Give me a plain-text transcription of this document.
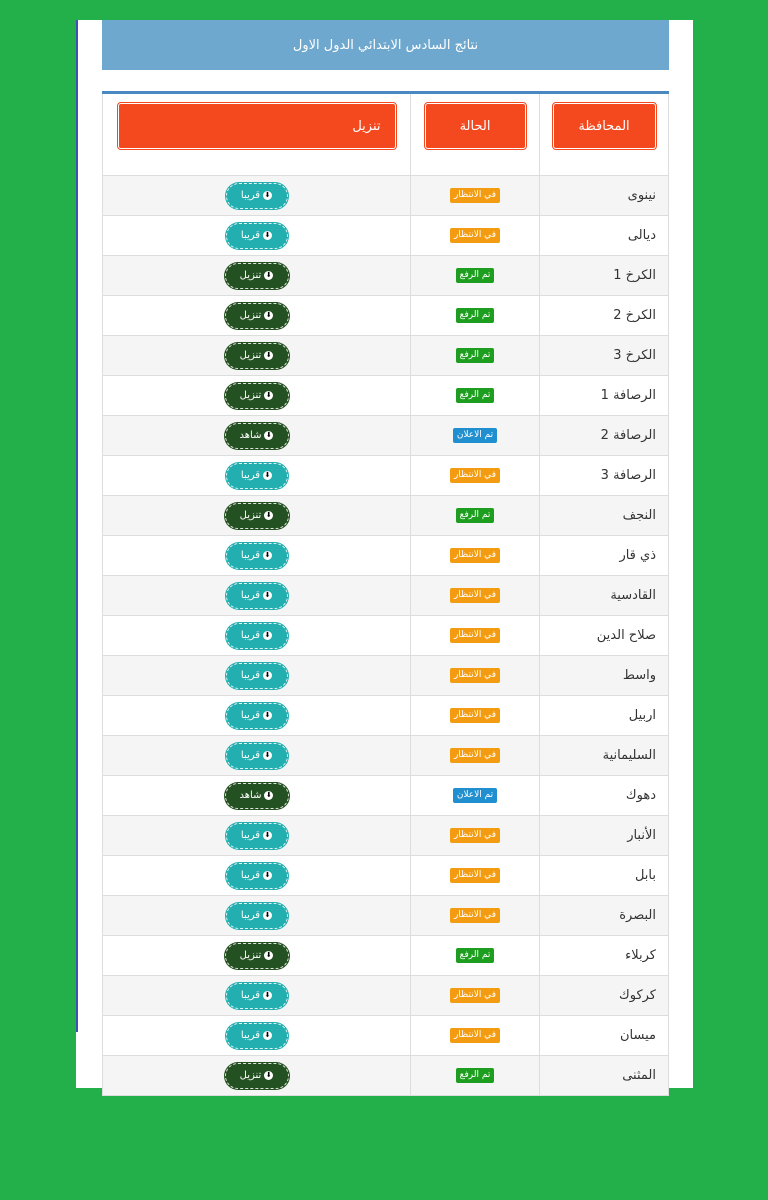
نتائج السادس الابتدائي الدول الاول
المحافظة
الحالة
تنزيل
نينوى
في الانتظار
⬇
قريبا
ديالى
في الانتظار
⬇
قريبا
الكرخ 1
تم الرفع
⬇
تنزيل
الكرخ 2
تم الرفع
⬇
تنزيل
الكرخ 3
تم الرفع
⬇
تنزيل
الرصافة 1
تم الرفع
⬇
تنزيل
الرصافة 2
تم الاعلان
⬇
شاهد
الرصافة 3
في الانتظار
⬇
قريبا
النجف
تم الرفع
⬇
تنزيل
ذي قار
في الانتظار
⬇
قريبا
القادسية
في الانتظار
⬇
قريبا
صلاح الدين
في الانتظار
⬇
قريبا
واسط
في الانتظار
⬇
قريبا
اربيل
في الانتظار
⬇
قريبا
السليمانية
في الانتظار
⬇
قريبا
دهوك
تم الاعلان
⬇
شاهد
الأنبار
في الانتظار
⬇
قريبا
بابل
في الانتظار
⬇
قريبا
البصرة
في الانتظار
⬇
قريبا
كربلاء
تم الرفع
⬇
تنزيل
كركوك
في الانتظار
⬇
قريبا
ميسان
في الانتظار
⬇
قريبا
المثنى
تم الرفع
⬇
تنزيل
